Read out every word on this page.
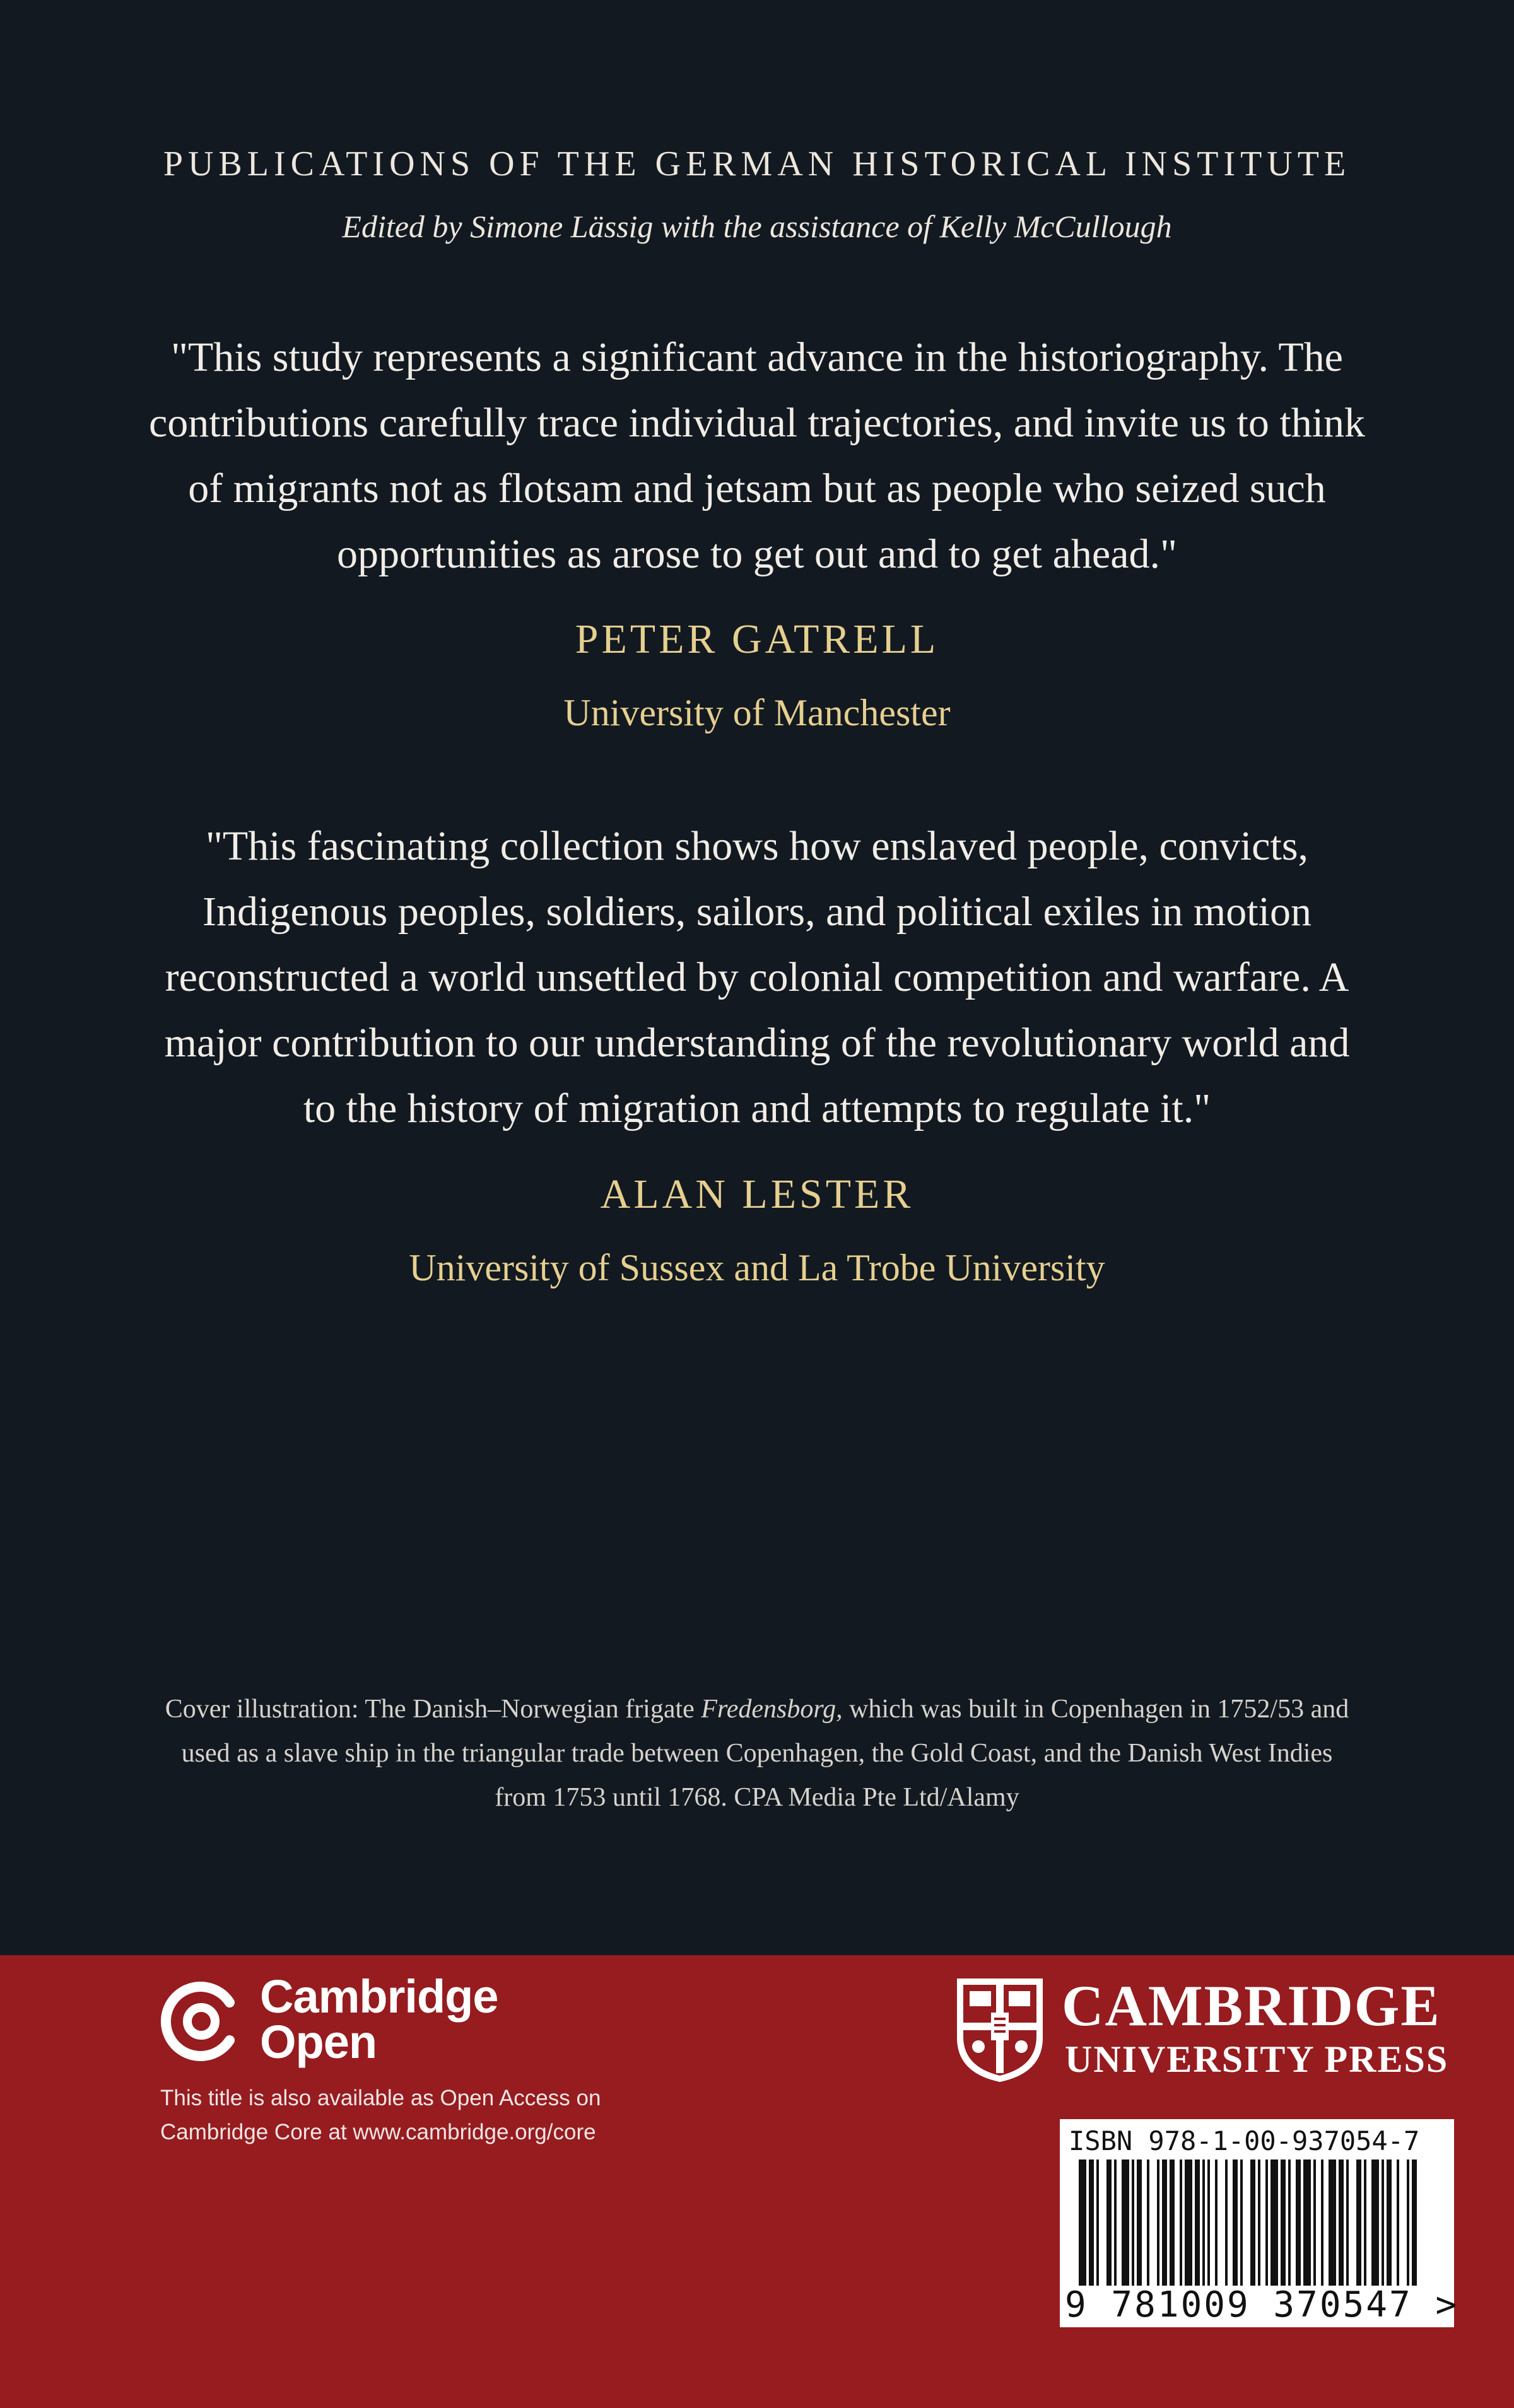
PUBLICATIONS OF THE GERMAN HISTORICAL INSTITUTE
Edited by Simone Lässig with the assistance of Kelly McCullough
"This study represents a significant advance in the historiography. The contributions carefully trace individual trajectories, and invite us to think of migrants not as flotsam and jetsam but as people who seized such opportunities as arose to get out and to get ahead."
PETER GATRELL
University of Manchester
"This fascinating collection shows how enslaved people, convicts, Indigenous peoples, soldiers, sailors, and political exiles in motion reconstructed a world unsettled by colonial competition and warfare. A major contribution to our understanding of the revolutionary world and to the history of migration and attempts to regulate it."
ALAN LESTER
University of Sussex and La Trobe University
Cover illustration: The Danish–Norwegian frigate Fredensborg, which was built in Copenhagen in 1752/53 and used as a slave ship in the triangular trade between Copenhagen, the Gold Coast, and the Danish West Indies from 1753 until 1768. CPA Media Pte Ltd/Alamy
Cambridge
Open
This title is also available as Open Access on
Cambridge Core at www.cambridge.org/core
CAMBRIDGE
UNIVERSITY PRESS
ISBN 978-1-00-937054-7
9 781009 370547 >
